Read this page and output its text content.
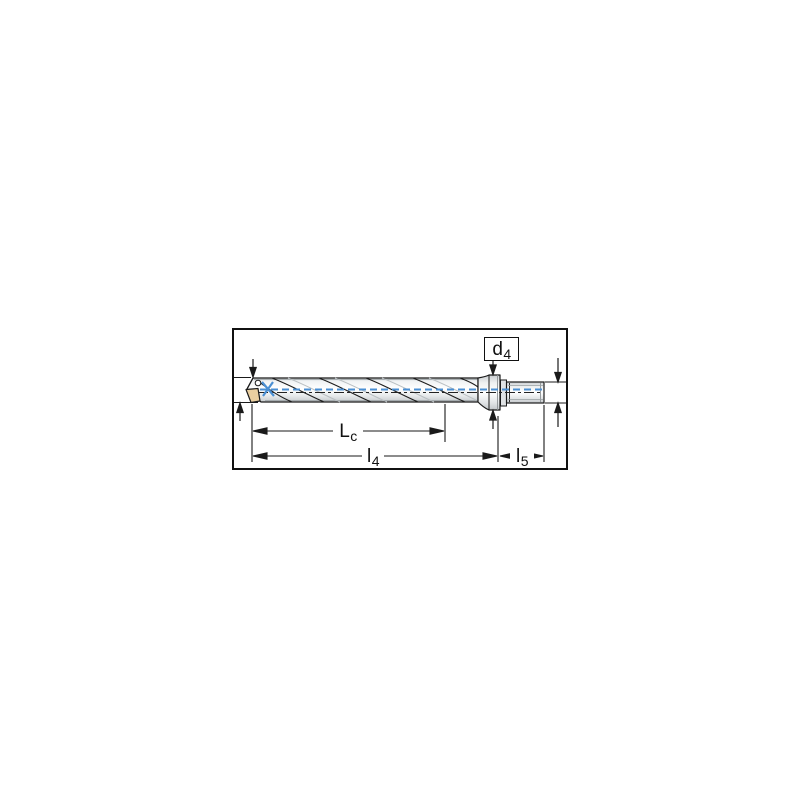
$d_4$
$L_c$
$l_4$	$l_5$
